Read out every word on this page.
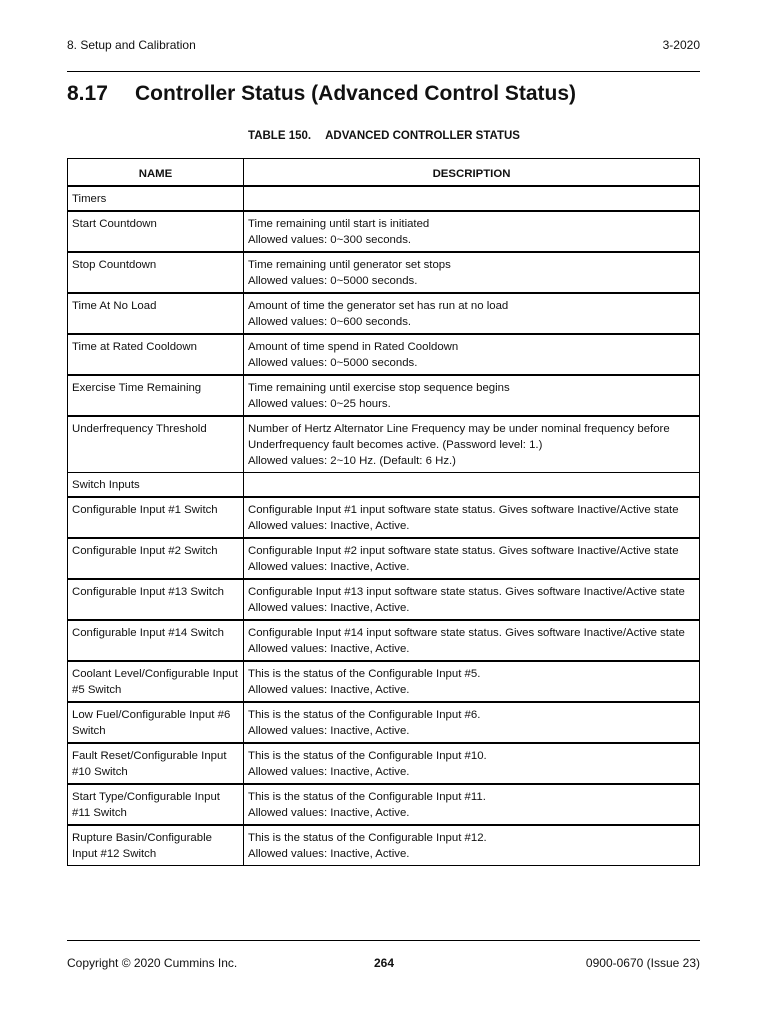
8. Setup and Calibration	3-2020
8.17 Controller Status (Advanced Control Status)
TABLE 150. ADVANCED CONTROLLER STATUS
NAME	DESCRIPTION
Timers	
Start Countdown	Time remaining until start is initiated
Allowed values: 0~300 seconds.

Stop Countdown	Time remaining until generator set stops
Allowed values: 0~5000 seconds.

Time At No Load	Amount of time the generator set has run at no load
Allowed values: 0~600 seconds.

Time at Rated Cooldown	Amount of time spend in Rated Cooldown
Allowed values: 0~5000 seconds.

Exercise Time Remaining	Time remaining until exercise stop sequence begins
Allowed values: 0~25 hours.

Underfrequency Threshold	Number of Hertz Alternator Line Frequency may be under nominal frequency before Underfrequency fault becomes active. (Password level: 1.)
Allowed values: 2~10 Hz. (Default: 6 Hz.)

Switch Inputs	
Configurable Input #1 Switch	Configurable Input #1 input software state status. Gives software Inactive/Active state
Allowed values: Inactive, Active.

Configurable Input #2 Switch	Configurable Input #2 input software state status. Gives software Inactive/Active state
Allowed values: Inactive, Active.

Configurable Input #13 Switch	Configurable Input #13 input software state status. Gives software Inactive/Active state
Allowed values: Inactive, Active.

Configurable Input #14 Switch	Configurable Input #14 input software state status. Gives software Inactive/Active state
Allowed values: Inactive, Active.

Coolant Level/Configurable Input #5 Switch	This is the status of the Configurable Input #5.
Allowed values: Inactive, Active.

Low Fuel/Configurable Input #6 Switch	This is the status of the Configurable Input #6.
Allowed values: Inactive, Active.

Fault Reset/Configurable Input #10 Switch	This is the status of the Configurable Input #10.
Allowed values: Inactive, Active.

Start Type/Configurable Input #11 Switch	This is the status of the Configurable Input #11.
Allowed values: Inactive, Active.

Rupture Basin/Configurable Input #12 Switch	This is the status of the Configurable Input #12.
Allowed values: Inactive, Active.
Copyright © 2020 Cummins Inc.	264	0900-0670 (Issue 23)
